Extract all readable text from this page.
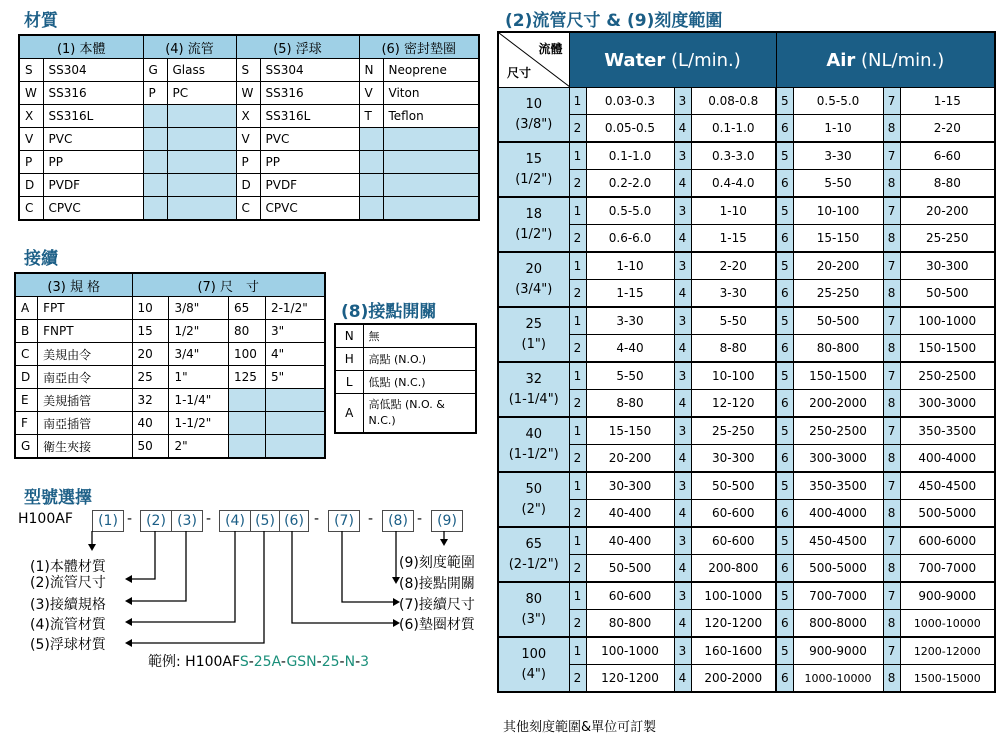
材質
接續
(8)接點開關
型號選擇
(2)流管尺寸 & (9)刻度範圍
(1) 本體		(4) 流管		(5) 浮球		(6) 密封墊圈	
S	SS304	G	Glass	S	SS304	N	Neoprene
W	SS316	P	PC	W	SS316	V	Viton
X	SS316L			X	SS316L	T	Teflon
V	PVC			V	PVC		
P	PP			P	PP		
D	PVDF			D	PVDF		
C	CPVC			C	CPVC		
(3) 規 格		(7) 尺　寸			
A	FPT	10	3/8"	65	2-1/2"
B	FNPT	15	1/2"	80	3"
C	美規由令	20	3/4"	100	4"
D	南亞由令	25	1"	125	5"
E	美規插管	32	1-1/4"		
F	南亞插管	40	1-1/2"		
G	衛生夾接	50	2"		
N	無
H	高點 (N.O.)
L	低點 (N.C.)
A	高低點 (N.O. & N.C.)
H100AF	(1)	(2) (3)	(4) (5) (6)	(7)	(8)	(9)
-	-	-	-	-
(1)本體材質
(2)流管尺寸
(3)接續規格
(4)流管材質
(5)浮球材質
(9)刻度範圍
(8)接點開關
(7)接續尺寸
(6)墊圈材質
範例: H100AFS-25A-GSN-25-N-3
流體
尺寸	Water (L/min.)				Air (NL/min.)			

10
(3/8")	1	0.03-0.3	3	0.08-0.8	5	0.5-5.0	7	1-15
	2	0.05-0.5	4	0.1-1.0	6	1-10	8	2-20

15
(1/2")	1	0.1-1.0	3	0.3-3.0	5	3-30	7	6-60
	2	0.2-2.0	4	0.4-4.0	6	5-50	8	8-80

18
(1/2")	1	0.5-5.0	3	1-10	5	10-100	7	20-200
	2	0.6-6.0	4	1-15	6	15-150	8	25-250

20
(3/4")	1	1-10	3	2-20	5	20-200	7	30-300
	2	1-15	4	3-30	6	25-250	8	50-500

25
(1")	1	3-30	3	5-50	5	50-500	7	100-1000
	2	4-40	4	8-80	6	80-800	8	150-1500

32
(1-1/4")	1	5-50	3	10-100	5	150-1500	7	250-2500
	2	8-80	4	12-120	6	200-2000	8	300-3000

40
(1-1/2")	1	15-150	3	25-250	5	250-2500	7	350-3500
	2	20-200	4	30-300	6	300-3000	8	400-4000

50
(2")	1	30-300	3	50-500	5	350-3500	7	450-4500
	2	40-400	4	60-600	6	400-4000	8	500-5000

65
(2-1/2")	1	40-400	3	60-600	5	450-4500	7	600-6000
	2	50-500	4	200-800	6	500-5000	8	700-7000

80
(3")	1	60-600	3	100-1000	5	700-7000	7	900-9000
	2	80-800	4	120-1200	6	800-8000	8	1000-10000

100
(4")	1	100-1000	3	160-1600	5	900-9000	7	1200-12000
	2	120-1200	4	200-2000	6	1000-10000	8	1500-15000
其他刻度範圍&單位可訂製
